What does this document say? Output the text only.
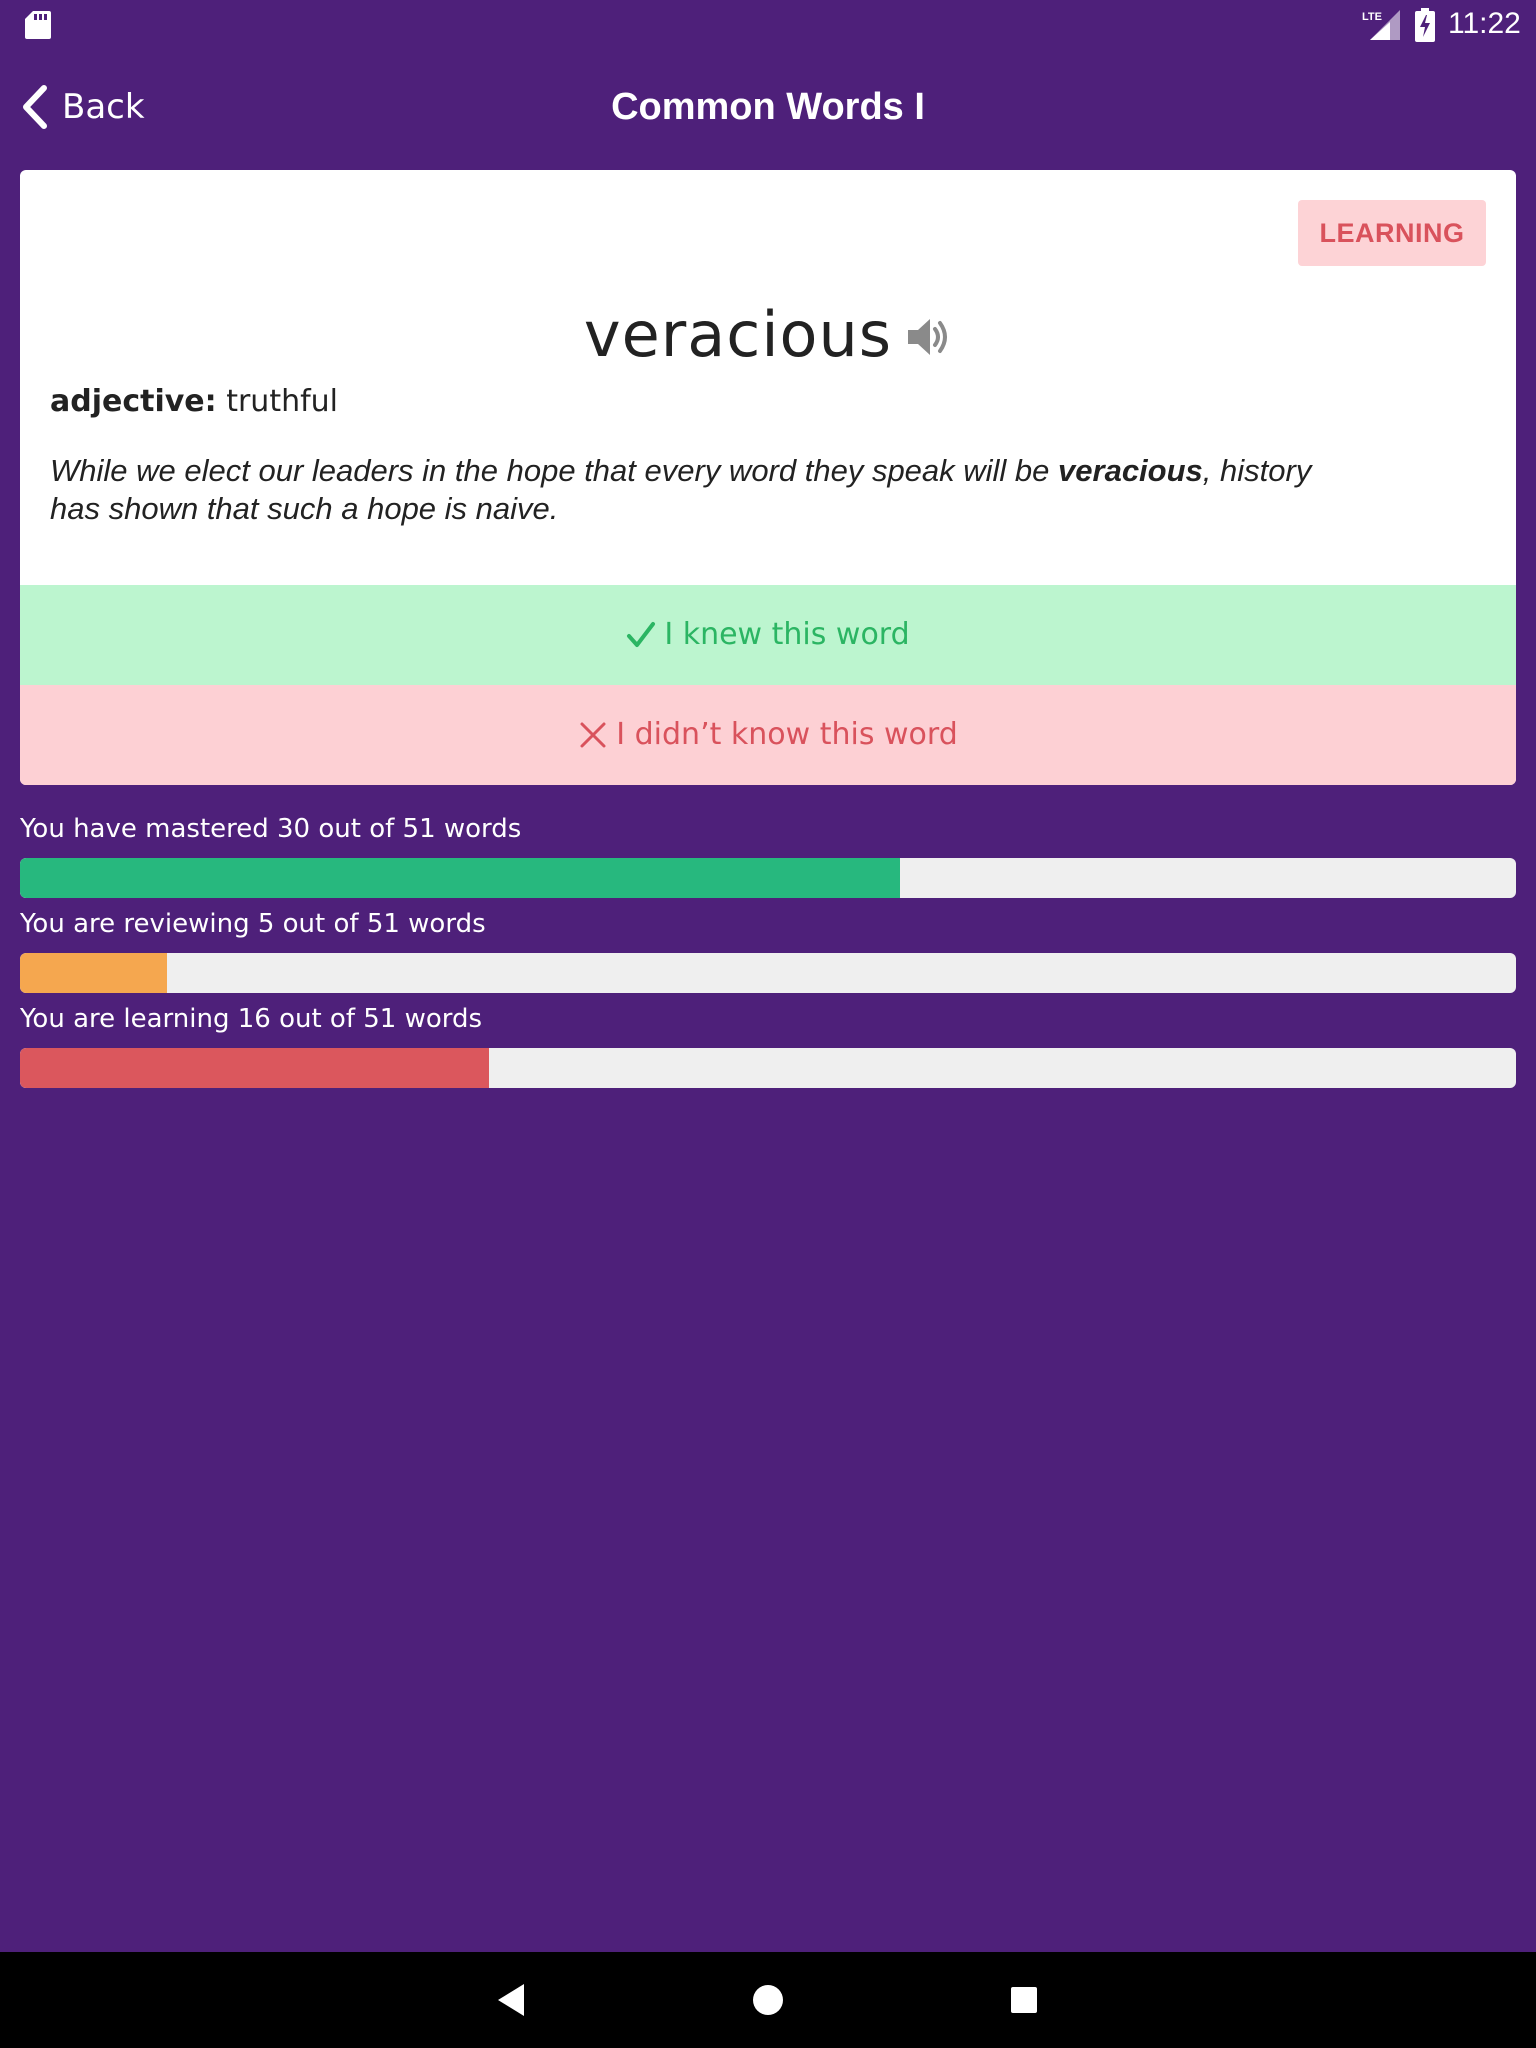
LTE 11:22
Back	Common Words I
LEARNING
veracious
adjective: truthful
While we elect our leaders in the hope that every word they speak will be veracious, history has shown that such a hope is naive.
I knew this word
I didn’t know this word
You have mastered 30 out of 51 words
You are reviewing 5 out of 51 words
You are learning 16 out of 51 words
